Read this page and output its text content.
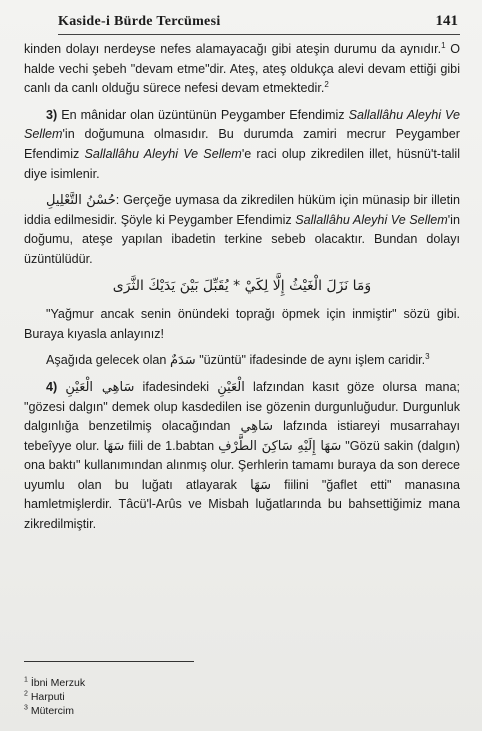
Kaside-i Bürde Tercümesi	141

kinden dolayı nerdeyse nefes alamayacağı gibi ateşin durumu da aynıdır.$^1$ O halde vechi şebeh "devam etme"dir. Ateş, ateş oldukça alevi devam ettiği gibi canlı da canlı olduğu sürece nefesi devam etmektedir.$^2$

3) En mânidar olan üzüntünün Peygamber Efendimiz Sallallâhu Aleyhi Ve Sellem'in doğumuna olmasıdır. Bu durumda zamiri mecrur Peygamber Efendimiz Sallallâhu Aleyhi Ve Sellem'e raci olup zikredilen illet, hüsnü't-talil diye isimlenir.

حُسْنُ التَّعْلِيلِ: Gerçeğe uymasa da zikredilen hüküm için münasip bir illetin iddia edilmesidir. Şöyle ki Peygamber Efendimiz Sallallâhu Aleyhi Ve Sellem'in doğumu, ateşe yapılan ibadetin terkine sebeb olacaktır. Bundan dolayı üzüntülüdür.

وَمَا نَزَلَ الْغَيْثُ إِلَّا لِكَيْ * يُقَبِّلَ بَيْنَ يَدَيْكَ الثَّرَى

"Yağmur ancak senin önündeki toprağı öpmek için inmiştir" sözü gibi. Buraya kıyasla anlayınız!

Aşağıda gelecek olan سَدَمٌ "üzüntü" ifadesinde de aynı işlem caridir.$^3$

4) سَاهِي الْعَيْنِ ifadesindeki الْعَيْنِ lafzından kasıt göze olursa mana; "gözesi dalgın" demek olup kasdedilen ise gözenin durgunluğudur. Durgunluk dalgınlığa benzetilmiş olacağından سَاهِي lafzında istiareyi musarrahayı tebeîyye olur. سَهَا fiili de 1.babtan سَهَا إِلَيْهِ سَاكِنَ الطَّرْفِ "Gözü sakin (dalgın) ona baktı" kullanımından alınmış olur. Şerhlerin tamamı buraya da son derece uyumlu olan bu luğatı atlayarak سَهَا fiilini "ğaflet etti" manasına hamletmişlerdir. Tâcü'l-Arûs ve Misbah luğatlarında bu bahsettiğimiz mana zikredilmiştir.

$^1$ İbni Merzuk
$^2$ Harputi
$^3$ Mütercim
